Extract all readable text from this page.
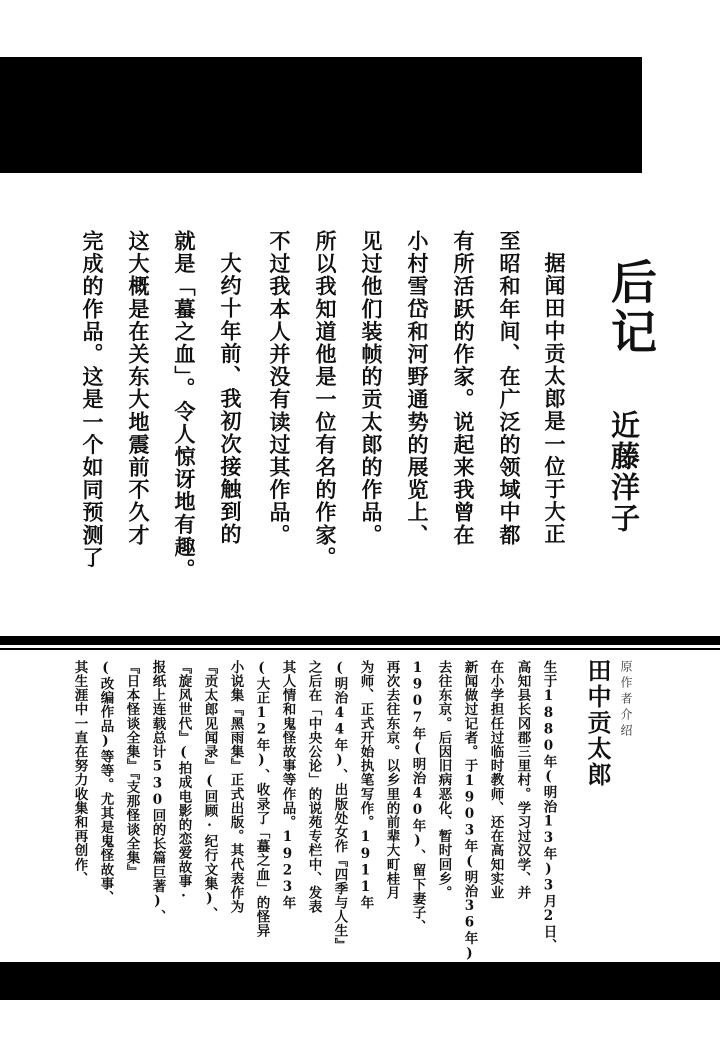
后记
近藤洋子
据闻田中贡太郎是一位于大正
至昭和年间、在广泛的领域中都
有所活跃的作家。说起来我曾在
小村雪岱和河野通势的展览上、
见过他们装帧的贡太郎的作品。
所以我知道他是一位有名的作家。
不过我本人并没有读过其作品。
大约十年前、我初次接触到的
就是「蟇之血」。令人惊讶地有趣。
这大概是在关东大地震前不久才
完成的作品。这是一个如同预测了
原作者介绍
田中贡太郎
生于1880年(明治13年)3月2日、
高知县长冈郡三里村。学习过汉学、并
在小学担任过临时教师、还在高知实业
新闻做过记者。于1903年(明治36年)
去往东京。后因旧病恶化、暂时回乡。
1907年(明治40年)、留下妻子、
再次去往东京。以乡里的前辈大町桂月
为师、正式开始执笔写作。1911年
(明治44年)、出版处女作『四季与人生』
之后在「中央公论」的说苑专栏中、发表
其人情和鬼怪故事等作品。1923年
(大正12年)、收录了「蟇之血」的怪异
小说集『黑雨集』正式出版。其代表作为
『贡太郎见闻录』(回顾·纪行文集)、
『旋风世代』(拍成电影的恋爱故事·
报纸上连载总计530回的长篇巨著)、
『日本怪谈全集』『支那怪谈全集』
(改编作品)等等。尤其是鬼怪故事、
其生涯中一直在努力收集和再创作、
